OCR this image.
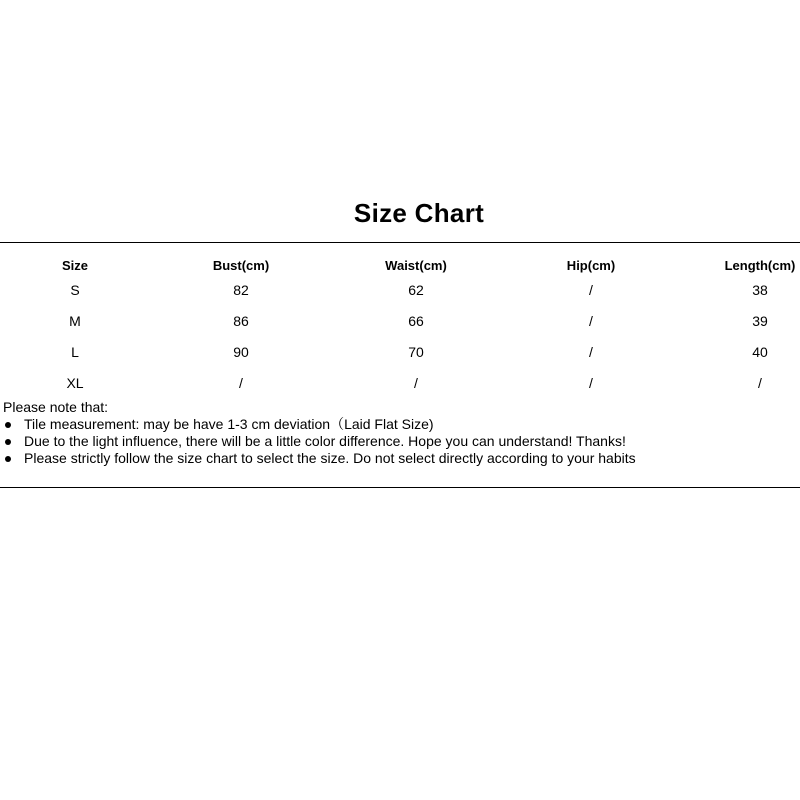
Size Chart
Size	Bust(cm)	Waist(cm)	Hip(cm)	Length(cm)
S	82	62	/	38
M	86	66	/	39
L	90	70	/	40
XL	/	/	/	/
Please note that:
Tile measurement: may be have 1-3 cm deviation（Laid Flat Size)
Due to the light influence, there will be a little color difference. Hope you can understand! Thanks!
Please strictly follow the size chart to select the size. Do not select directly according to your habits
